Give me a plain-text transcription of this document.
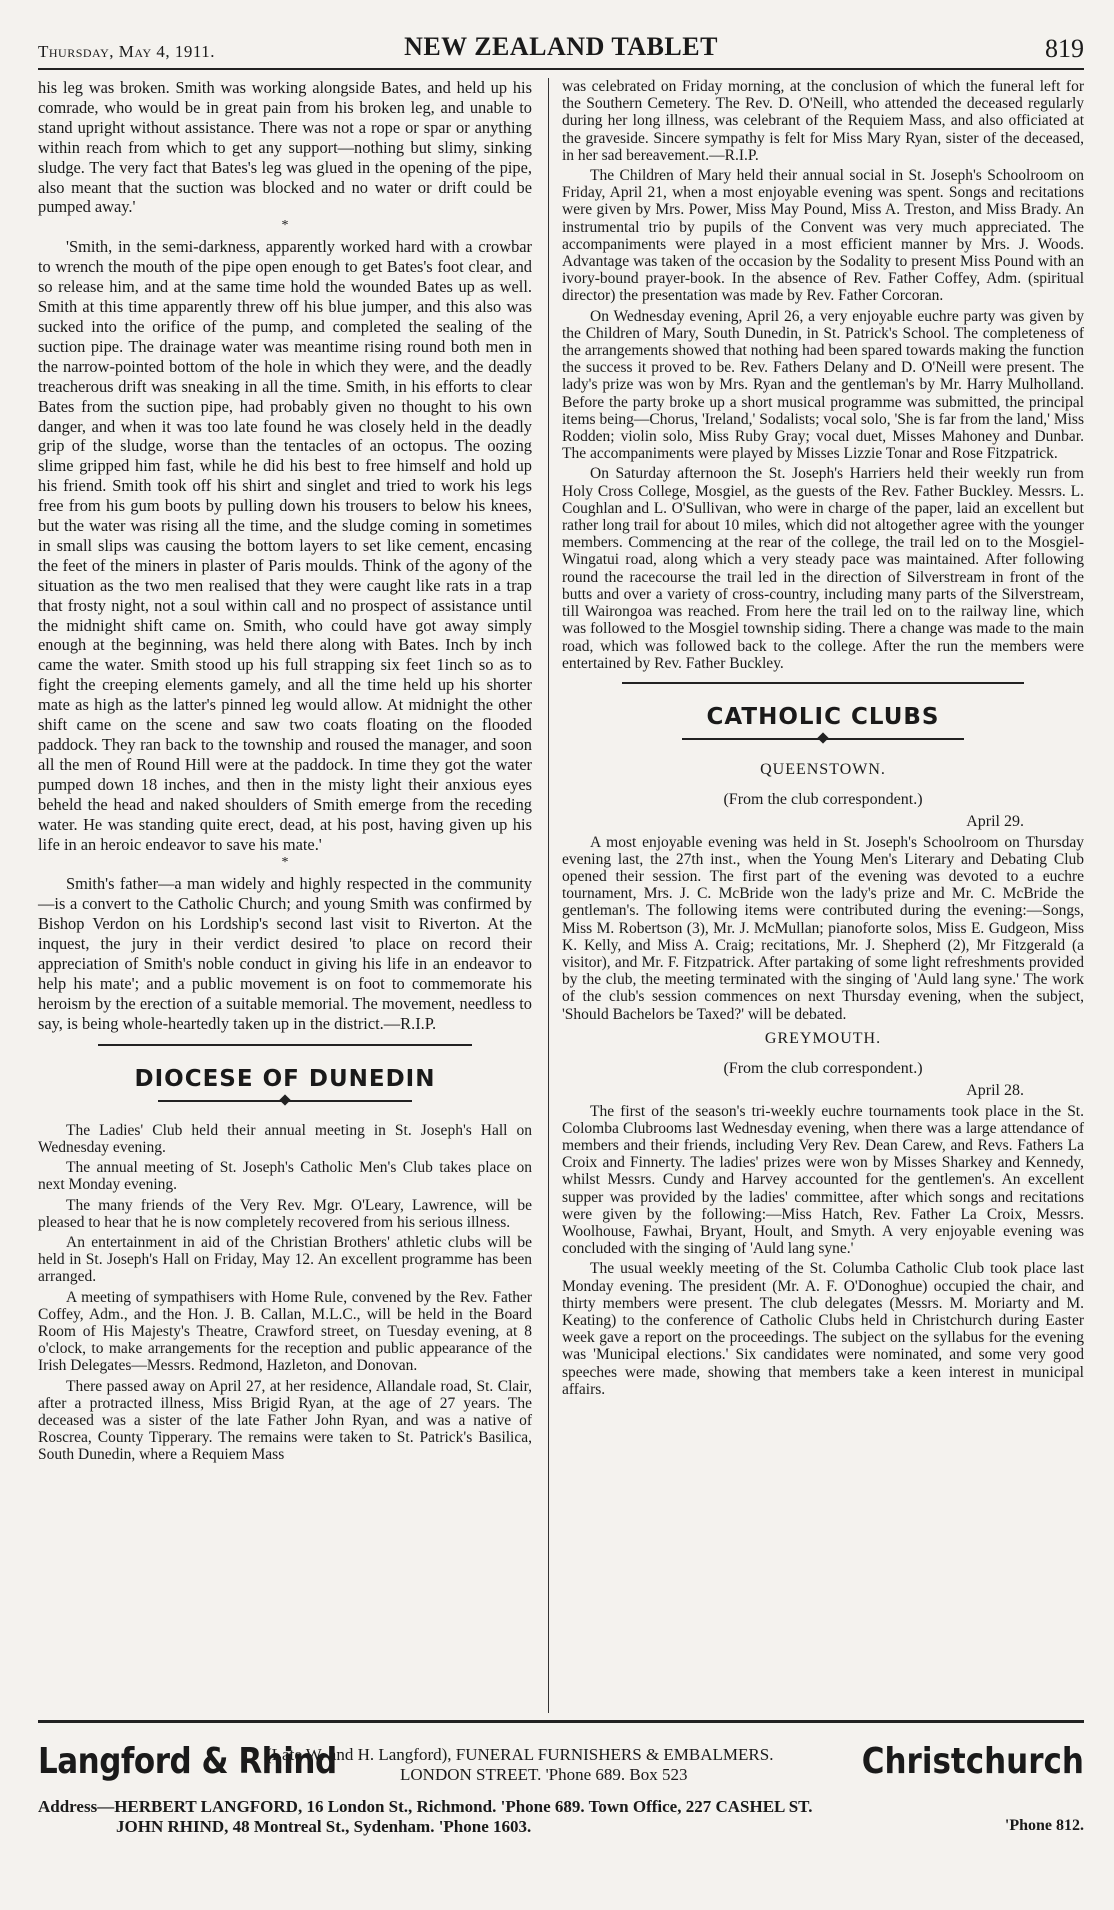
Thursday, May 4, 1911.	NEW ZEALAND TABLET	819

his leg was broken. Smith was working alongside Bates, and held up his comrade, who would be in great pain from his broken leg, and unable to stand upright without assistance. There was not a rope or spar or anything within reach from which to get any support—nothing but slimy, sinking sludge. The very fact that Bates's leg was glued in the opening of the pipe, also meant that the suction was blocked and no water or drift could be pumped away.'

*

'Smith, in the semi-darkness, apparently worked hard with a crowbar to wrench the mouth of the pipe open enough to get Bates's foot clear, and so release him, and at the same time hold the wounded Bates up as well. Smith at this time apparently threw off his blue jumper, and this also was sucked into the orifice of the pump, and completed the sealing of the suction pipe. The drainage water was meantime rising round both men in the narrow-pointed bottom of the hole in which they were, and the deadly treacherous drift was sneaking in all the time. Smith, in his efforts to clear Bates from the suction pipe, had probably given no thought to his own danger, and when it was too late found he was closely held in the deadly grip of the sludge, worse than the tentacles of an octopus. The oozing slime gripped him fast, while he did his best to free himself and hold up his friend. Smith took off his shirt and singlet and tried to work his legs free from his gum boots by pulling down his trousers to below his knees, but the water was rising all the time, and the sludge coming in sometimes in small slips was causing the bottom layers to set like cement, encasing the feet of the miners in plaster of Paris moulds. Think of the agony of the situation as the two men realised that they were caught like rats in a trap that frosty night, not a soul within call and no prospect of assistance until the midnight shift came on. Smith, who could have got away simply enough at the beginning, was held there along with Bates. Inch by inch came the water. Smith stood up his full strapping six feet 1inch so as to fight the creeping elements gamely, and all the time held up his shorter mate as high as the latter's pinned leg would allow. At midnight the other shift came on the scene and saw two coats floating on the flooded paddock. They ran back to the township and roused the manager, and soon all the men of Round Hill were at the paddock. In time they got the water pumped down 18 inches, and then in the misty light their anxious eyes beheld the head and naked shoulders of Smith emerge from the receding water. He was standing quite erect, dead, at his post, having given up his life in an heroic endeavor to save his mate.'

*

Smith's father—a man widely and highly respected in the community—is a convert to the Catholic Church; and young Smith was confirmed by Bishop Verdon on his Lordship's second last visit to Riverton. At the inquest, the jury in their verdict desired 'to place on record their appreciation of Smith's noble conduct in giving his life in an endeavor to help his mate'; and a public movement is on foot to commemorate his heroism by the erection of a suitable memorial. The movement, needless to say, is being whole-heartedly taken up in the district.—R.I.P.

DIOCESE OF DUNEDIN

The Ladies' Club held their annual meeting in St. Joseph's Hall on Wednesday evening.

The annual meeting of St. Joseph's Catholic Men's Club takes place on next Monday evening.

The many friends of the Very Rev. Mgr. O'Leary, Lawrence, will be pleased to hear that he is now completely recovered from his serious illness.

An entertainment in aid of the Christian Brothers' athletic clubs will be held in St. Joseph's Hall on Friday, May 12. An excellent programme has been arranged.

A meeting of sympathisers with Home Rule, convened by the Rev. Father Coffey, Adm., and the Hon. J. B. Callan, M.L.C., will be held in the Board Room of His Majesty's Theatre, Crawford street, on Tuesday evening, at 8 o'clock, to make arrangements for the reception and public appearance of the Irish Delegates—Messrs. Redmond, Hazleton, and Donovan.

There passed away on April 27, at her residence, Allandale road, St. Clair, after a protracted illness, Miss Brigid Ryan, at the age of 27 years. The deceased was a sister of the late Father John Ryan, and was a native of Roscrea, County Tipperary. The remains were taken to St. Patrick's Basilica, South Dunedin, where a Requiem Mass

was celebrated on Friday morning, at the conclusion of which the funeral left for the Southern Cemetery. The Rev. D. O'Neill, who attended the deceased regularly during her long illness, was celebrant of the Requiem Mass, and also officiated at the graveside. Sincere sympathy is felt for Miss Mary Ryan, sister of the deceased, in her sad bereavement.—R.I.P.

The Children of Mary held their annual social in St. Joseph's Schoolroom on Friday, April 21, when a most enjoyable evening was spent. Songs and recitations were given by Mrs. Power, Miss May Pound, Miss A. Treston, and Miss Brady. An instrumental trio by pupils of the Convent was very much appreciated. The accompaniments were played in a most efficient manner by Mrs. J. Woods. Advantage was taken of the occasion by the Sodality to present Miss Pound with an ivory-bound prayer-book. In the absence of Rev. Father Coffey, Adm. (spiritual director) the presentation was made by Rev. Father Corcoran.

On Wednesday evening, April 26, a very enjoyable euchre party was given by the Children of Mary, South Dunedin, in St. Patrick's School. The completeness of the arrangements showed that nothing had been spared towards making the function the success it proved to be. Rev. Fathers Delany and D. O'Neill were present. The lady's prize was won by Mrs. Ryan and the gentleman's by Mr. Harry Mulholland. Before the party broke up a short musical programme was submitted, the principal items being—Chorus, 'Ireland,' Sodalists; vocal solo, 'She is far from the land,' Miss Rodden; violin solo, Miss Ruby Gray; vocal duet, Misses Mahoney and Dunbar. The accompaniments were played by Misses Lizzie Tonar and Rose Fitzpatrick.

On Saturday afternoon the St. Joseph's Harriers held their weekly run from Holy Cross College, Mosgiel, as the guests of the Rev. Father Buckley. Messrs. L. Coughlan and L. O'Sullivan, who were in charge of the paper, laid an excellent but rather long trail for about 10 miles, which did not altogether agree with the younger members. Commencing at the rear of the college, the trail led on to the Mosgiel-Wingatui road, along which a very steady pace was maintained. After following round the racecourse the trail led in the direction of Silverstream in front of the butts and over a variety of cross-country, including many parts of the Silverstream, till Wairongoa was reached. From here the trail led on to the railway line, which was followed to the Mosgiel township siding. There a change was made to the main road, which was followed back to the college. After the run the members were entertained by Rev. Father Buckley.

CATHOLIC CLUBS
QUEENSTOWN.
(From the club correspondent.)
April 29.

A most enjoyable evening was held in St. Joseph's Schoolroom on Thursday evening last, the 27th inst., when the Young Men's Literary and Debating Club opened their session. The first part of the evening was devoted to a euchre tournament, Mrs. J. C. McBride won the lady's prize and Mr. C. McBride the gentleman's. The following items were contributed during the evening:—Songs, Miss M. Robertson (3), Mr. J. McMullan; pianoforte solos, Miss E. Gudgeon, Miss K. Kelly, and Miss A. Craig; recitations, Mr. J. Shepherd (2), Mr Fitzgerald (a visitor), and Mr. F. Fitzpatrick. After partaking of some light refreshments provided by the club, the meeting terminated with the singing of 'Auld lang syne.' The work of the club's session commences on next Thursday evening, when the subject, 'Should Bachelors be Taxed?' will be debated.

GREYMOUTH.
(From the club correspondent.)
April 28.

The first of the season's tri-weekly euchre tournaments took place in the St. Colomba Clubrooms last Wednesday evening, when there was a large attendance of members and their friends, including Very Rev. Dean Carew, and Revs. Fathers La Croix and Finnerty. The ladies' prizes were won by Misses Sharkey and Kennedy, whilst Messrs. Cundy and Harvey accounted for the gentlemen's. An excellent supper was provided by the ladies' committee, after which songs and recitations were given by the following:—Miss Hatch, Rev. Father La Croix, Messrs. Woolhouse, Fawhai, Bryant, Hoult, and Smyth. A very enjoyable evening was concluded with the singing of 'Auld lang syne.'

The usual weekly meeting of the St. Columba Catholic Club took place last Monday evening. The president (Mr. A. F. O'Donoghue) occupied the chair, and thirty members were present. The club delegates (Messrs. M. Moriarty and M. Keating) to the conference of Catholic Clubs held in Christchurch during Easter week gave a report on the proceedings. The subject on the syllabus for the evening was 'Municipal elections.' Six candidates were nominated, and some very good speeches were made, showing that members take a keen interest in municipal affairs.

Langford & Rhind
(Late W. and H. Langford), FUNERAL FURNISHERS & EMBALMERS.	Christchurch
LONDON STREET. 'Phone 689. Box 523
Address—HERBERT LANGFORD, 16 London St., Richmond. 'Phone 689. Town Office, 227 CASHEL ST.
JOHN RHIND, 48 Montreal St., Sydenham. 'Phone 1603.	'Phone 812.
